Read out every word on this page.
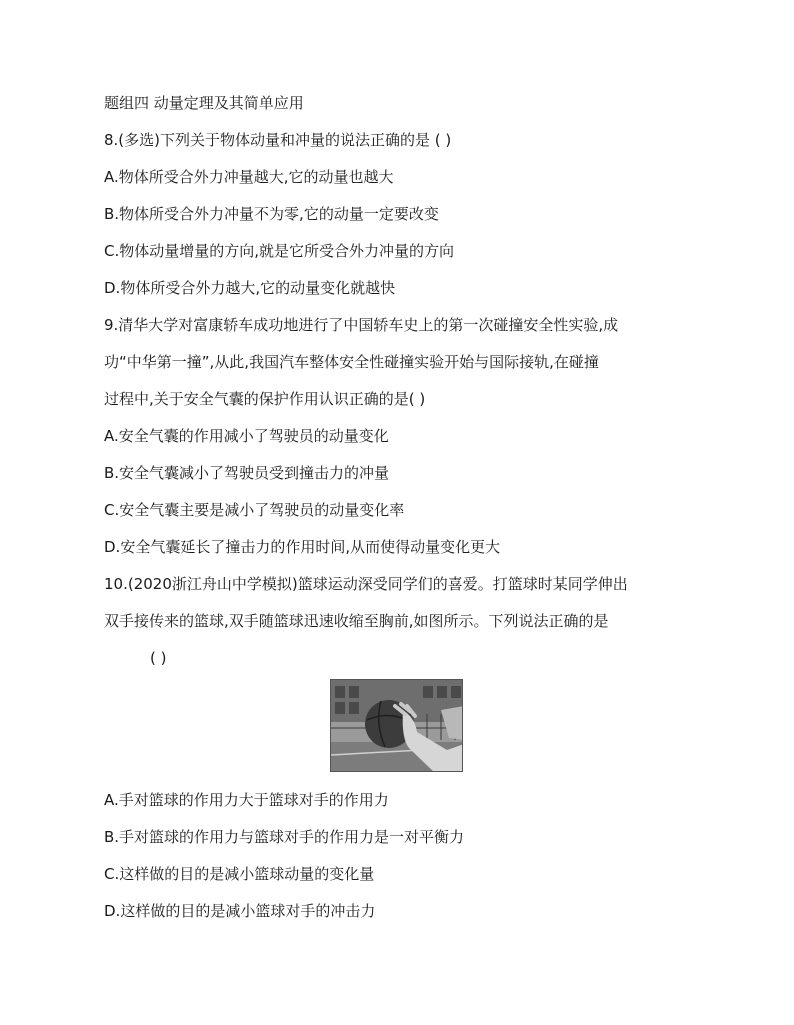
题组四 动量定理及其简单应用
8.(多选)下列关于物体动量和冲量的说法正确的是 ( )
A.物体所受合外力冲量越大,它的动量也越大
B.物体所受合外力冲量不为零,它的动量一定要改变
C.物体动量增量的方向,就是它所受合外力冲量的方向
D.物体所受合外力越大,它的动量变化就越快
9.清华大学对富康轿车成功地进行了中国轿车史上的第一次碰撞安全性实验,成
功“中华第一撞”,从此,我国汽车整体安全性碰撞实验开始与国际接轨,在碰撞
过程中,关于安全气囊的保护作用认识正确的是( )
A.安全气囊的作用减小了驾驶员的动量变化
B.安全气囊减小了驾驶员受到撞击力的冲量
C.安全气囊主要是减小了驾驶员的动量变化率
D.安全气囊延长了撞击力的作用时间,从而使得动量变化更大
10.(2020浙江舟山中学模拟)篮球运动深受同学们的喜爱。打篮球时某同学伸出
双手接传来的篮球,双手随篮球迅速收缩至胸前,如图所示。下列说法正确的是
( )
A.手对篮球的作用力大于篮球对手的作用力
B.手对篮球的作用力与篮球对手的作用力是一对平衡力
C.这样做的目的是减小篮球动量的变化量
D.这样做的目的是减小篮球对手的冲击力
